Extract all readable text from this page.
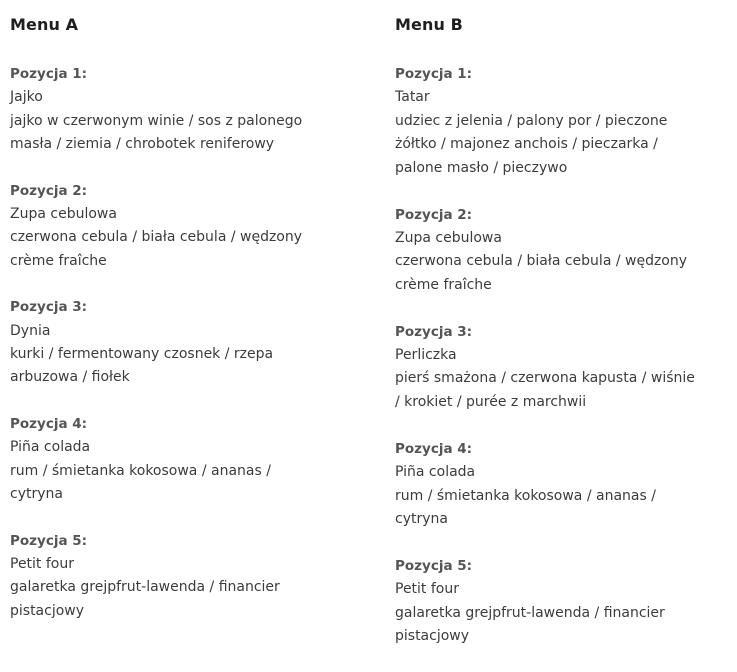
Menu A
Pozycja 1:
Jajko
jajko w czerwonym winie / sos z palonego
masła / ziemia / chrobotek reniferowy
Pozycja 2:
Zupa cebulowa
czerwona cebula / biała cebula / wędzony
crème fraîche
Pozycja 3:
Dynia
kurki / fermentowany czosnek / rzepa
arbuzowa / fiołek
Pozycja 4:
Piña colada
rum / śmietanka kokosowa / ananas /
cytryna
Pozycja 5:
Petit four
galaretka grejpfrut-lawenda / financier
pistacjowy
Menu B
Pozycja 1:
Tatar
udziec z jelenia / palony por / pieczone
żółtko / majonez anchois / pieczarka /
palone masło / pieczywo
Pozycja 2:
Zupa cebulowa
czerwona cebula / biała cebula / wędzony
crème fraîche
Pozycja 3:
Perliczka
pierś smażona / czerwona kapusta / wiśnie
/ krokiet / purée z marchwii
Pozycja 4:
Piña colada
rum / śmietanka kokosowa / ananas /
cytryna
Pozycja 5:
Petit four
galaretka grejpfrut-lawenda / financier
pistacjowy
